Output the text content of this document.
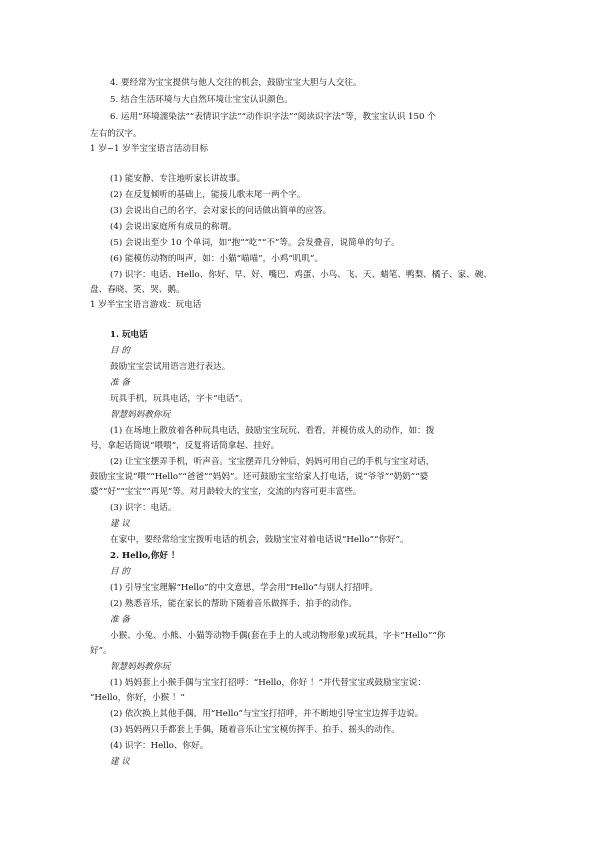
4. 要经常为宝宝提供与他人交往的机会，鼓励宝宝大胆与人交往。
5. 结合生活环境与大自然环境让宝宝认识颜色。
6. 运用“环境濡染法”“表情识字法”“动作识字法”“阅读识字法”等，教宝宝认识 150 个
左右的汉字。
1 岁~1 岁半宝宝语言活动目标
(1) 能安静、专注地听家长讲故事。
(2) 在反复倾听的基础上，能接儿歌末尾一两个字。
(3) 会说出自己的名字，会对家长的问话做出简单的应答。
(4) 会说出家庭所有成员的称谓。
(5) 会说出至少 10 个单词，如“抱”“吃”“不”等。会发叠音，说简单的句子。
(6) 能模仿动物的叫声，如：小猫“喵喵”，小鸡“叽叽”。
(7) 识字：电话、Hello、你好、早、好、嘴巴、鸡蛋、小鸟、飞、天、蜡笔、鸭梨、橘子、家、碗、
盘、春晓、笑、哭、鹅。
1 岁半宝宝语言游戏：玩电话
1. 玩电话
目 的
鼓励宝宝尝试用语言进行表达。
准 备
玩具手机，玩具电话，字卡“电话”。
智慧妈妈教你玩
(1) 在场地上散放着各种玩具电话，鼓励宝宝玩玩、看看，并模仿成人的动作，如：拨
号，拿起话筒说“喂喂”，反复将话筒拿起、挂好。
(2) 让宝宝摆弄手机，听声音。宝宝摆弄几分钟后，妈妈可用自己的手机与宝宝对话，
鼓励宝宝说“喂”“Hello”“爸爸”“妈妈”。还可鼓励宝宝给家人打电话，说“爷爷”“奶奶”“婆
婆”“好”“宝宝”“再见”等。对月龄较大的宝宝，交流的内容可更丰富些。
(3) 识字：电话。
建 议
在家中，要经常给宝宝拨听电话的机会，鼓励宝宝对着电话说“Hello”“你好”。
2. Hello,你好 ！
目 的
(1) 引导宝宝理解“Hello”的中文意思，学会用“Hello”与别人打招呼。
(2) 熟悉音乐，能在家长的帮助下随着音乐做挥手、拍手的动作。
准 备
小猴、小兔、小熊、小猫等动物手偶(套在手上的人或动物形象)或玩具，字卡“Hello”“你
好”。
智慧妈妈教你玩
(1) 妈妈套上小猴手偶与宝宝打招呼：“Hello，你好 ！”并代替宝宝或鼓励宝宝说：
“Hello，你好，小猴 ！”
(2) 依次换上其他手偶，用“Hello”与宝宝打招呼，并不断地引导宝宝边挥手边说。
(3) 妈妈两只手都套上手偶，随着音乐让宝宝模仿挥手、拍手、摇头的动作。
(4) 识字：Hello、你好。
建 议
